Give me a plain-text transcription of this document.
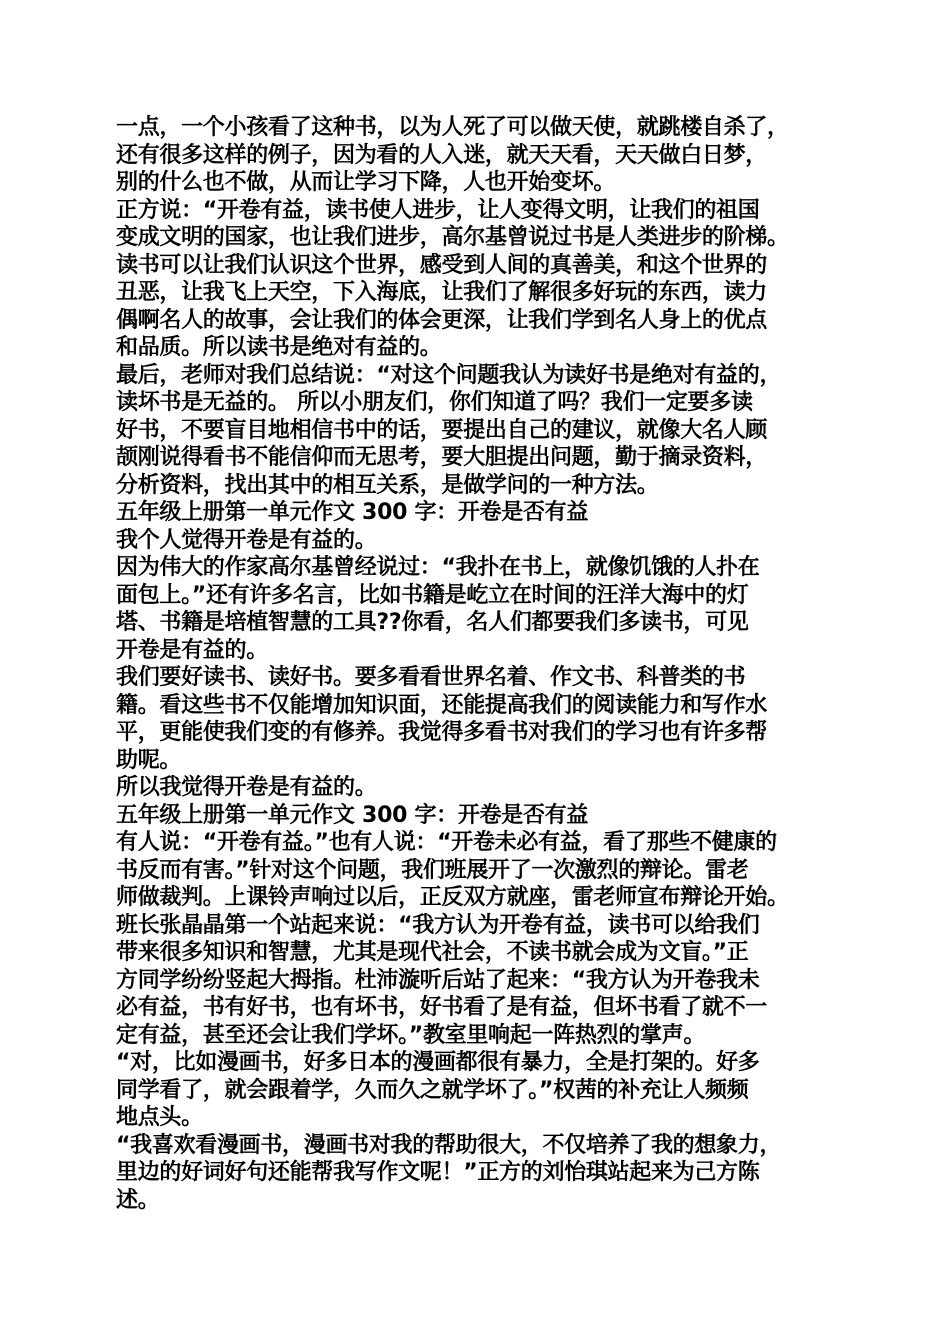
一点，一个小孩看了这种书，以为人死了可以做天使，就跳楼自杀了，
还有很多这样的例子，因为看的人入迷，就天天看，天天做白日梦，
别的什么也不做，从而让学习下降，人也开始变坏。
正方说：“开卷有益，读书使人进步，让人变得文明，让我们的祖国
变成文明的国家，也让我们进步，高尔基曾说过书是人类进步的阶梯。
读书可以让我们认识这个世界，感受到人间的真善美，和这个世界的
丑恶，让我飞上天空，下入海底，让我们了解很多好玩的东西，读力
偶啊名人的故事，会让我们的体会更深，让我们学到名人身上的优点
和品质。所以读书是绝对有益的。
最后，老师对我们总结说：“对这个问题我认为读好书是绝对有益的，
读坏书是无益的。 所以小朋友们，你们知道了吗？我们一定要多读
好书，不要盲目地相信书中的话，要提出自己的建议，就像大名人顾
颉刚说得看书不能信仰而无思考，要大胆提出问题，勤于摘录资料，
分析资料，找出其中的相互关系，是做学问的一种方法。
五年级上册第一单元作文 300 字：开卷是否有益
我个人觉得开卷是有益的。
因为伟大的作家高尔基曾经说过：“我扑在书上，就像饥饿的人扑在
面包上。”还有许多名言，比如书籍是屹立在时间的汪洋大海中的灯
塔、书籍是培植智慧的工具??你看，名人们都要我们多读书，可见
开卷是有益的。
我们要好读书、读好书。要多看看世界名着、作文书、科普类的书
籍。看这些书不仅能增加知识面，还能提高我们的阅读能力和写作水
平，更能使我们变的有修养。我觉得多看书对我们的学习也有许多帮
助呢。
所以我觉得开卷是有益的。
五年级上册第一单元作文 300 字：开卷是否有益
有人说：“开卷有益。”也有人说：“开卷未必有益，看了那些不健康的
书反而有害。”针对这个问题，我们班展开了一次激烈的辩论。雷老
师做裁判。上课铃声响过以后，正反双方就座，雷老师宣布辩论开始。
班长张晶晶第一个站起来说：“我方认为开卷有益，读书可以给我们
带来很多知识和智慧，尤其是现代社会，不读书就会成为文盲。”正
方同学纷纷竖起大拇指。杜沛漩听后站了起来：“我方认为开卷我未
必有益，书有好书，也有坏书，好书看了是有益，但坏书看了就不一
定有益，甚至还会让我们学坏。”教室里响起一阵热烈的掌声。
“对，比如漫画书，好多日本的漫画都很有暴力，全是打架的。好多
同学看了，就会跟着学，久而久之就学坏了。”权茜的补充让人频频
地点头。
“我喜欢看漫画书，漫画书对我的帮助很大，不仅培养了我的想象力，
里边的好词好句还能帮我写作文呢！”正方的刘怡琪站起来为己方陈
述。
